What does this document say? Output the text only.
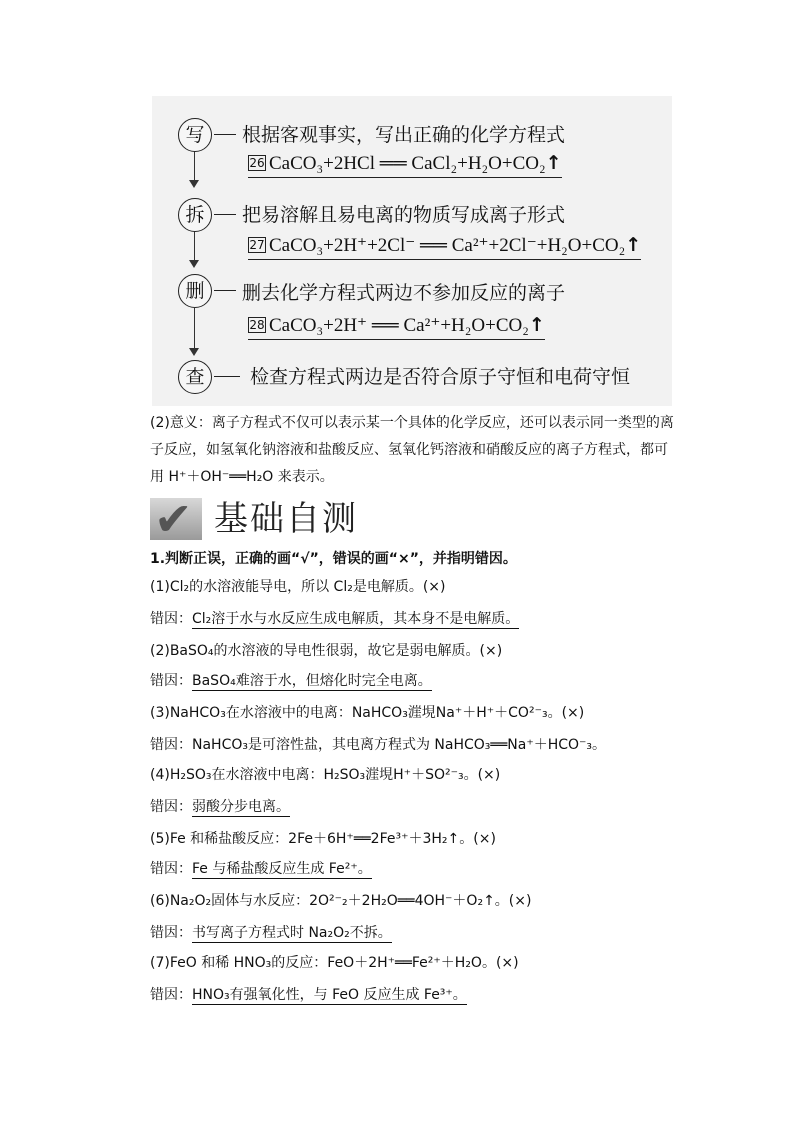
写	根据客观事实，写出正确的化学方程式
26 CaCO₃+2HCl ══ CaCl₂+H₂O+CO₂↑
拆	把易溶解且易电离的物质写成离子形式
27 CaCO₃+2H⁺+2Cl⁻ ══ Ca²⁺+2Cl⁻+H₂O+CO₂↑
删	删去化学方程式两边不参加反应的离子
28 CaCO₃+2H⁺ ══ Ca²⁺+H₂O+CO₂↑
查	检查方程式两边是否符合原子守恒和电荷守恒
(2)意义：离子方程式不仅可以表示某一个具体的化学反应，还可以表示同一类型的离子反应，如氢氧化钠溶液和盐酸反应、氢氧化钙溶液和硝酸反应的离子方程式，都可用 H⁺＋OH⁻══H₂O 来表示。
✔ 基础自测
1.判断正误，正确的画“√”，错误的画“×”，并指明错因。
(1)Cl₂的水溶液能导电，所以 Cl₂是电解质。(×)
错因：Cl₂溶于水与水反应生成电解质，其本身不是电解质。
(2)BaSO₄的水溶液的导电性很弱，故它是弱电解质。(×)
错因：BaSO₄难溶于水，但熔化时完全电离。
(3)NaHCO₃在水溶液中的电离：NaHCO₃漄垷Na⁺＋H⁺＋CO²⁻₃。(×)
错因：NaHCO₃是可溶性盐，其电离方程式为 NaHCO₃══Na⁺＋HCO⁻₃。
(4)H₂SO₃在水溶液中电离：H₂SO₃漄垷H⁺＋SO²⁻₃。(×)
错因：弱酸分步电离。
(5)Fe 和稀盐酸反应：2Fe＋6H⁺══2Fe³⁺＋3H₂↑。(×)
错因：Fe 与稀盐酸反应生成 Fe²⁺。
(6)Na₂O₂固体与水反应：2O²⁻₂＋2H₂O══4OH⁻＋O₂↑。(×)
错因：书写离子方程式时 Na₂O₂不拆。
(7)FeO 和稀 HNO₃的反应：FeO＋2H⁺══Fe²⁺＋H₂O。(×)
错因：HNO₃有强氧化性，与 FeO 反应生成 Fe³⁺。
